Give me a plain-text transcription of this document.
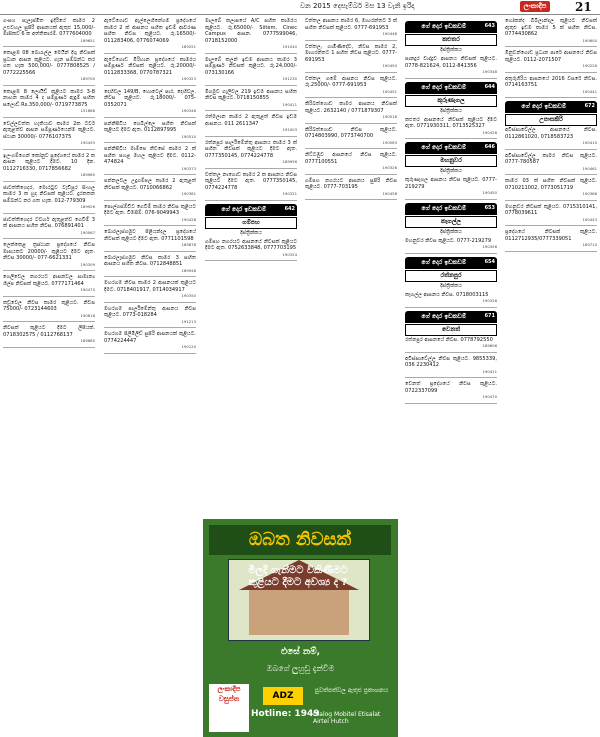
වන 2015 දෙසැම්බර් මස 13 වැනි ඉරිදා	ලංකාදීප 21
ගංපහ පැලැස්මිත ඉදිරියේ කාමර 2 උළුවහල සුපිරි ආසනයක් ඇතුළු 15,000/- මාසිකව 6 ක අත්තිකාරම්. 0777604000
189651
කොළඹ 08 බොරැල්ල මෙයින් දිගු නිවසක් ප්‍රධාන ආසන කුළියට. ගැන සම්බන්ධ කර ගත හැක 500,000/- 0777808525 / 0772225566
189700
කොළඹ 8 ලොයිඩ් කුළියට කාමර 3-8 නාහන කාමර 4 ද සම්පූර්ණ ඇඳුම් සහිත සලොඩ් Rs.350,000/- 0719773875
151686
වෙල්ලවත්ත හැකියාව කාමර 2ක ටවර් ඇතුළත්ව ආසන සම්පූර්ණයෙන්ම කුළියට. ස්ථාන 30000/- 0776107375
190493
ඉලංගම්ගෙන් කෝනුව ප්‍රදේශයේ කාමර 2 ක ආසන කුළියට දීමට. 10 දින. 0112716330, 0717856682
189960
ජාවත්තිගෙදර, මොරටුව වැඩිපුර සිංහල කාමර 3 ක හුද නිවසක් කුළියට. දුරකතන සම්බන්ධ කර ගත හැක. 012-779309
189926
ජාවත්තිගෙදර ටවර්හ ඇතුළත්ව ගෙවීම් 3 ක් ආසනය සහිත නිවස. 076891401
190067
ලෙක්කෙළ ත්‍රස්ථාන ප්‍රදේශයේ නිවස මාසයකට 20000/- කුළියට දීමට ඇත. නිවස 30000/- 077-6621331
190309
ගෙලිවෙල නගරයට ආසනවල සාමාන්‍ය ශිල්ප නිවසක් කුළියට. 0777171464
190475
කඩුවෙල නිවස කාමර කුළියට. නිවස 75000/- 0723144603
190618
නිවසක් කුළියට දීමට ලිපියක්. 0718302575 / 0112768137
189685
ඇටේගොඩ ඇල්ලෙහිනේගම ප්‍රදේශයේ කාමර 2 ක් ආසනය සහිත ඉඩම් ආවරණ සහිත නිවස කුළියට. රු.16500/- 011283406, 0776074069
189251
ඇටේගොඩ මිරිහාන ප්‍රදේශයේ කාමරය සම්පූර්ණ නිවසක් කුළියට. රු.20000/- 0112833368, 0770787321
190323
දෙහිවල 149/B, හොටෙල් පාර, දෙහිවල. නිවස කුළියට. රු.18000/- 075-0352071
190346
පන්නිපිටිය ගෙබිල්ලෙ සහිත නිවසක් කුළියට දීමට ඇත. 0112897995
190510
පන්නිපිටිය මාම්පෙ නිවසේ කාමර 2 ක් සහිත පහළ මහල කුළියට දීමට. 0112-474824
190373
පන්නලවල උදුගම්පල කාමර 2 ඇතුළත් නිවසක් කුළියට. 0710066862
190381
පොල්ගස්ඕවිට ගෙවීම් කාමර නිවස කුළියට දීමට ඇත. විමසීම්. 076-9049943
190428
බොරලැස්ගමුව පිළියන්දල ප්‍රදේශයේ නිවසක් කුළියට දීමට ඇත. 0771101598
189878
බොරලැස්ගමුව නිවස කාමර 3 සහිත ආසනය සහිත නිවස. 0712848851
189948
මහරගම නිවස කාමර 2 ආසනයක් කුළියට දීමට. 0718401917, 0714034917
190350
මහරගම පාර්ලිමේන්තු ආසනය නිවස කුළියට. 0773-018284
191213
මහරගම පිලිමිලිඩ් සුපිරි ආසනයක් කුළියට. 0774224447
190120
මාලබේ කලාපයේ A/C සහිත කාමරය කුළියට. රු.65000/- Siitem, Cinec Campus ආසන. 0777599046, 0718152000
191040
මාලබේ කලන් ඉඩම ආසනය කාමර 3 සම්පූර්ණ නිවසක් කුළියට. රු.24,000/- 073130166
191230
මීගමුව ගැලිවල 219 ඉඩම ආසනය සහිත නිවස කුළියට. 0718150855
190411
රත්මලාන කාමර 2 ඇතුළත් නිවස ඉඩම ආසනය. 011 2611347
191003
රත්නපුර පාර්ලිමේන්තු ආසනය කාමර 3 ක් සහිත නිවසක් කුළියට දීමට ඇත. 0777350145, 0774224778
189956
වත්තල නාගොඩ කාමර 2 ක ආසනය නිවස කුළියට දීමට ඇත. 0777350145, 0774224778
190321
ගේ දොර ඉඩකඩම්	642
ගම්පහ
දිස්ත්‍රික්කය
ගම්පහ නගරයට ආසනයේ නිවසක් කුළියට දීමට ඇත. 0752633848, 0777703195
190324
වත්තල ආසනය කාමර 6, මාහරන්තට 3 ක් සහිත නිවසක් කුළියට. 0777-691953
190446
වත්තල, ගාමිණිදේව, නිවස කාමර 2, මාහරන්තට 1 සහිත නිවස කුළියට. 0777-691953
190450
වත්තල ගමේ ආසනය නිවස කුළියට. රු.25000/- 0777-691953
190451
කිරිබත්ගොඩ කාමර ආසනය නිවසක් කුළියට. 2632140 / 0771879307
190518
කිරිබත්ගොඩ නිවස කුළියට. 0714803990, 0773740700
190563
නිට්ටඹුව ආසනයේ නිවස කුළියට. 0777100551
190326
ගම්පහ නගරයට ආසනය සුපිරි නිවස කුළියට. 0777-703195
190458
ගේ දොර ඉඩකඩම්	643
කළුතර
දිස්ත්‍රික්කය
පානදුර වාද්දුව ආසනය නිවසක් කුළියට. 0778-821624, 0112-841356
190348
ගේ දොර ඉඩකඩම්	644
කුරුණෑගල
දිස්ත්‍රික්කය
කළුතර ආසනයේ නිවසක් කුළියට දීමට ඇත. 0771930311, 0713525327
190426
ගේ දොර ඉඩකඩම්	646
මහනුවර
දිස්ත්‍රික්කය
කුරුණෑගල ආසනය නිවස කුළියට. 0777-219279
190450
ගේ දොර ඉඩකඩම්	653
කෑගල්ල
දිස්ත්‍රික්කය
මහනුවර නිවස කුළියට. 0777-219279
190456
ගේ දොර ඉඩකඩම්	654
රත්නපුර
දිස්ත්‍රික්කය
කෑගල්ල ආසනය නිවස. 0718003115
190326
ගේ දොර ඉඩකඩම්	671
වෙනත්
රත්නපුර ආසනයේ නිවස. 0778792550
189606
අවිස්සාවේල්ල නිවස කුළියට. 9855339, 036 2230412
190411
වෙනත් ප්‍රදේශයේ නිවස කුළියට. 0722337099
190470
හෝකන්ද බිබිලාන්දල කුළියට නිවසක් ඇතුළු ඉඩම කාමර 5 ක් සහිත නිවස. 0774430862
190600
මීනුවන්ගොඩ ප්‍රධාන පාරේ ආසනයේ නිවස කුළියට. 0112-2071507
190226
අතුරුගිරිය ආසනයේ 2016 වසරේ නිවස. 0714163751
190441
ගේ දොර ඉඩකඩම්	672
උපාසකිරි
අවිස්සාවේල්ල ආසනයේ නිවස. 0112861020, 0718583723
190410
අවිස්සාවේල්ල කාමර නිවස කුළියට. 0777-780587
190461
කාමර 03 ක් සහිත නිවසක් කුළියට. 0710211002, 0773051719
190386
මහනුවර නිවසක් කුළියට. 0715310141, 0778039611
190443
ප්‍රදේශයේ නිවසක් කුළියට. 0112712935/0777339051
189710
ඔබත නිවසක්
මිලදී ගැනීමට විකිණීමට කුළියට දීමට අවශ්‍ය ද ?
එසේ නම්,
ඔබගේ ලුහුඩු දැන්වීම
ලංකාදීප වසුප්ත	ADZ
පුවත්පත්වල ඇතුළු ප්‍රකාශනය
Hotline: 1949
Dialog Mobitel Etisalat Airtel Hutch
